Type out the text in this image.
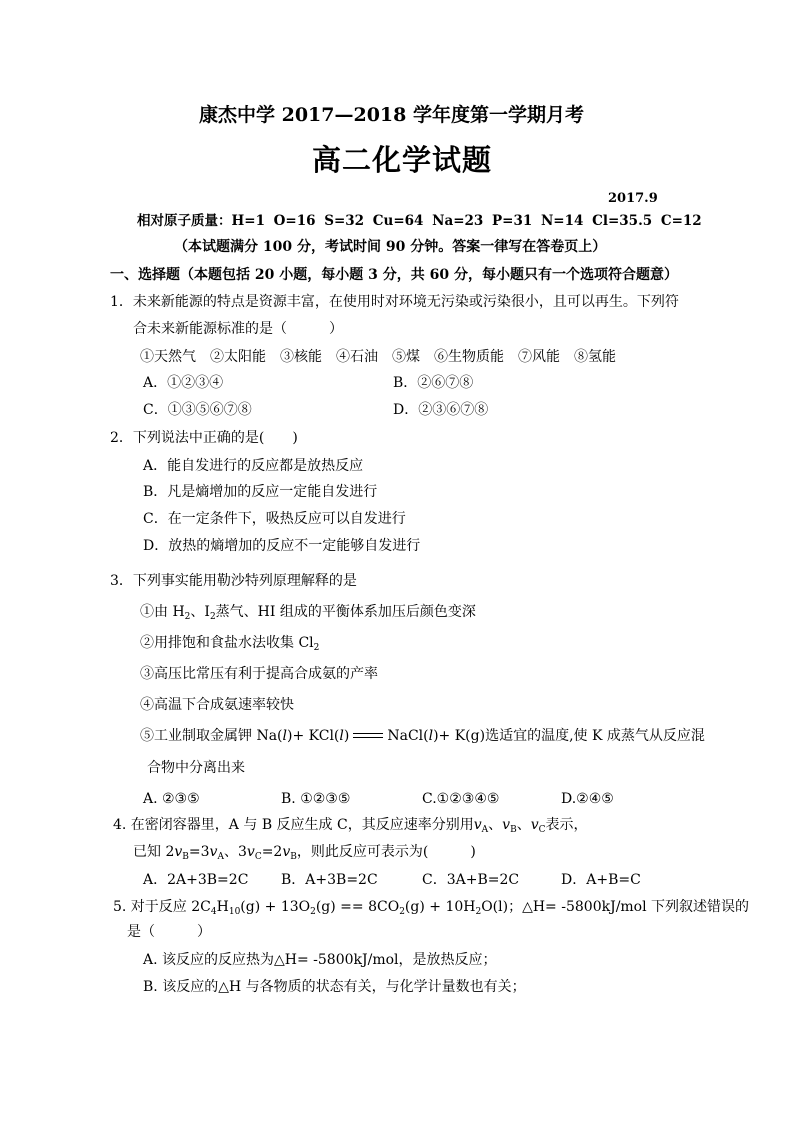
康杰中学 2017—2018 学年度第一学期月考
高二化学试题
2017.9
相对原子质量：H=1 O=16 S=32 Cu=64 Na=23 P=31 N=14 Cl=35.5 C=12
（本试题满分 100 分，考试时间 90 分钟。答案一律写在答卷页上）
一、选择题（本题包括 20 小题，每小题 3 分，共 60 分，每小题只有一个选项符合题意）
1．未来新能源的特点是资源丰富，在使用时对环境无污染或污染很小，且可以再生。下列符
合未来新能源标准的是（　　　）
①天然气　②太阳能　③核能　④石油　⑤煤　⑥生物质能　⑦风能　⑧氢能
A．①②③④	B．②⑥⑦⑧
C．①③⑤⑥⑦⑧	D．②③⑥⑦⑧
2．下列说法中正确的是(　　)
A．能自发进行的反应都是放热反应
B．凡是熵增加的反应一定能自发进行
C．在一定条件下，吸热反应可以自发进行
D．放热的熵增加的反应不一定能够自发进行
3．下列事实能用勒沙特列原理解释的是
①由 $H_2$、$I_2$蒸气、HI 组成的平衡体系加压后颜色变深
②用排饱和食盐水法收集 $Cl_2$
③高压比常压有利于提高合成氨的产率
④高温下合成氨速率较快
⑤工业制取金属钾 Na(l)+ KCl(l)	NaCl(l)+ K(g)选适宜的温度,使 K 成蒸气从反应混
合物中分离出来
A. ②③⑤	B. ①②③⑤	C.①②③④⑤	D.②④⑤
4. 在密闭容器里，A 与 B 反应生成 C，其反应速率分别用$v_A$、$v_B$、$v_C$表示，
已知 $2v_B=3v_A$、$3v_C=2v_B$，则此反应可表示为(　　　)
A．2A+3B=2C B．A+3B=2C	C．3A+B=2C	D．A+B=C
5. 对于反应 $2C_4H_{10}(g) + 13O_2(g) == 8CO_2(g) + 10H_2O(l)$；△H= -5800kJ/mol 下列叙述错误的
是（　　　）
A. 该反应的反应热为△H= -5800kJ/mol，是放热反应；
B. 该反应的△H 与各物质的状态有关，与化学计量数也有关；
